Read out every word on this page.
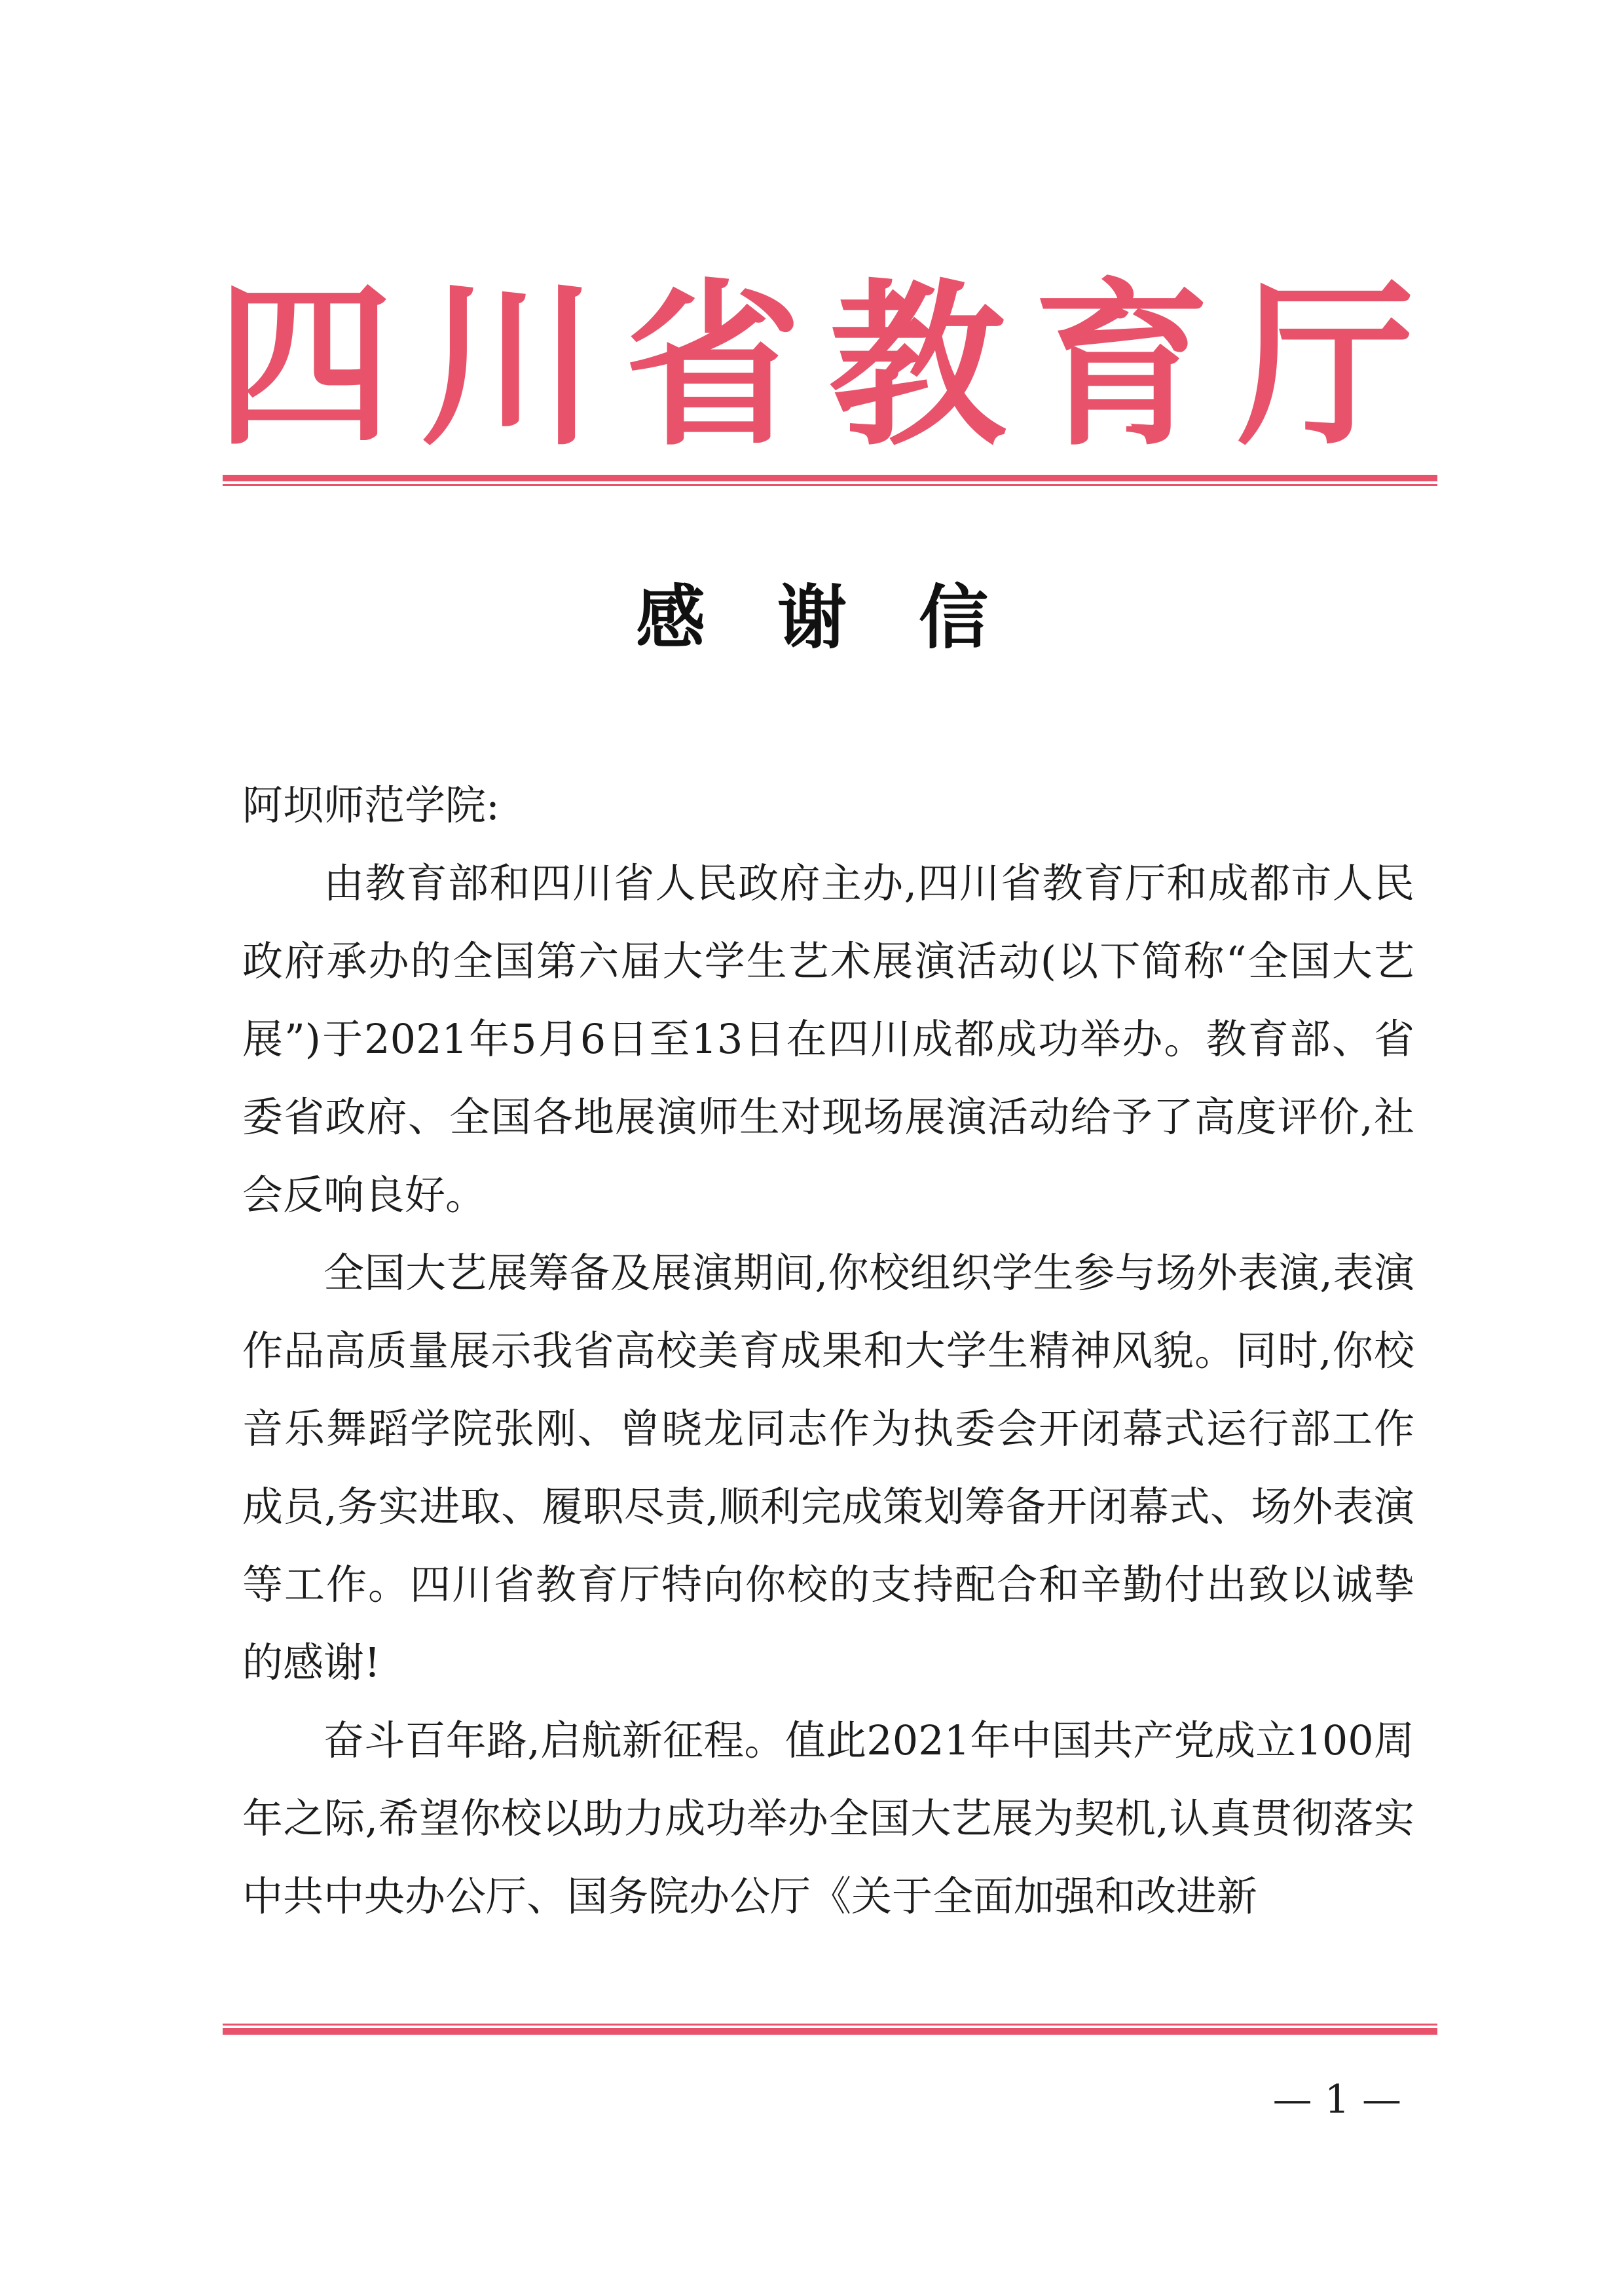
四 川 省 教 育 厅
感谢信

阿坝师范学院:

由教育部和四川省人民政府主办,四川省教育厅和成都市人民政府承办的全国第六届大学生艺术展演活动(以下简称“全国大艺展”)于2021年5月6日至13日在四川成都成功举办。教育部、省委省政府、全国各地展演师生对现场展演活动给予了高度评价,社会反响良好。

全国大艺展筹备及展演期间,你校组织学生参与场外表演,表演作品高质量展示我省高校美育成果和大学生精神风貌。同时,你校音乐舞蹈学院张刚、曾晓龙同志作为执委会开闭幕式运行部工作成员,务实进取、履职尽责,顺利完成策划筹备开闭幕式、场外表演等工作。四川省教育厅特向你校的支持配合和辛勤付出致以诚挚的感谢!

奋斗百年路,启航新征程。值此2021年中国共产党成立100周年之际,希望你校以助力成功举办全国大艺展为契机,认真贯彻落实中共中央办公厅、国务院办公厅《关于全面加强和改进新

— 1 —
